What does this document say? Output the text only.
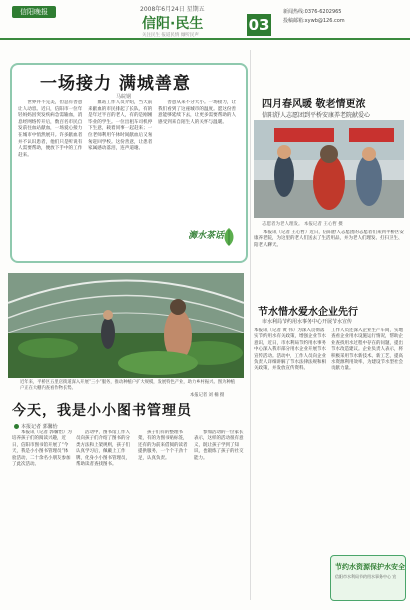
信阳晚报	2008年6月24日 星期五
信阳·民生
关注民生 报道民情 倾听民声
03
新闻热线:0376-6202965
投稿邮箱:xywb@126.com
一场接力 满城善意
马皖钢

世界并不完美，但总有善意让人动容。近日，信阳市一位年轻妈妈因突发疾病急需输血，消息经网络传开后，数百名市民自发前往血站献血，一场爱心接力在城市中悄然展开。许多献血者并不认识患者，他们只是听说有人需要帮助，便放下手中的工作赶来。

血站工作人员介绍，当天前来献血的市民排起了长队，有的是年过半百的老人，有的是刚刚毕业的学生。一位出租车司机停下生意，载着同事一起赶来；一位老师利用午休时间献血后又匆匆赶回学校。这份善意，让患者家属感动落泪，连声道谢。

善意从来不分大小。一场接力，让我们看到了这座城市的温度。愿这份善意能够延续下去，让更多需要帮助的人感受到来自陌生人的关怀与温暖。

浉水茶话
四月春风暖 敬老情更浓
信阳舒人志愿团到平桥安康养老院献爱心
志愿者为老人理发。 本报记者 王心哲 摄

本报讯（记者 王心哲）近日，信阳舒人志愿团的志愿者们来到平桥区安康养老院，为这里的老人们送去了生活用品，并为老人们理发、打扫卫生、陪老人聊天。

节水惜水爱水企业先行
市水利局节约用水事务中心开展节水宣传

本报讯（记者 黄 伟）为深入贯彻落实节约用水有关政策，增强企业节水意识，近日，市水利局节约用水事务中心深入我市部分用水企业开展节水宣传活动。活动中，工作人员向企业负责人详细讲解了节水法律法规和相关政策，并发放宣传资料。

工作人员还深入企业生产车间，实地查看企业用水设施运行情况，帮助企业查找用水过程中存在的问题，提出节水改造建议。企业负责人表示，将积极采用节水新技术、新工艺，提高水资源利用效率，为建设节水型社会贡献力量。

节约水资源保护水安全
信阳市水利局节约用水事务中心 宣
近年来，平桥区五里店街道深入开展“三小”服务，推动种植户扩大规模，发展特色产业，助力乡村振兴。图为种植户正在大棚内查看作物长势。
本报记者 刘 楠 摄
今天，我是小小图书管理员
本报记者 郭馨怡

本报讯（记者 郭馨怡）为培养孩子们的阅读兴趣，近日，信阳市图书馆开展了“今天，我是小小图书管理员”体验活动，二十余名小朋友参加了此次活动。

活动中，图书馆工作人员向孩子们介绍了图书的分类方法和上架规则，孩子们认真学习后，佩戴上工作牌，化身小小图书管理员，帮助读者查找图书。

孩子们有的整理书架，有的为图书贴标签，还有的为前来借阅的读者提供服务，一个个干劲十足，认真负责。

参加活动的一位家长表示，这样的活动很有意义，既让孩子学到了知识，也锻炼了孩子的社交能力。
